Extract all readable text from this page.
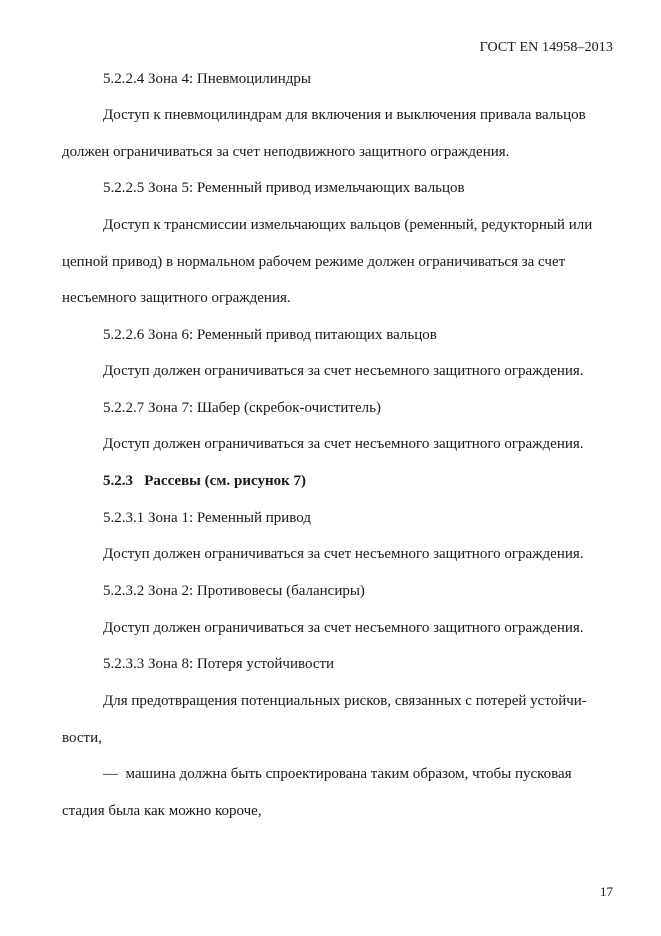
ГОСТ EN 14958–2013
5.2.2.4 Зона 4: Пневмоцилиндры
Доступ к пневмоцилиндрам для включения и выключения привала вальцов
должен ограничиваться за счет неподвижного защитного ограждения.
5.2.2.5 Зона 5: Ременный привод измельчающих вальцов
Доступ к трансмиссии измельчающих вальцов (ременный, редукторный или
цепной привод) в нормальном рабочем режиме должен ограничиваться за счет
несъемного защитного ограждения.
5.2.2.6 Зона 6: Ременный привод питающих вальцов
Доступ должен ограничиваться за счет несъемного защитного ограждения.
5.2.2.7 Зона 7: Шабер (скребок-очиститель)
Доступ должен ограничиваться за счет несъемного защитного ограждения.
5.2.3   Рассевы (см. рисунок 7)
5.2.3.1 Зона 1: Ременный привод
Доступ должен ограничиваться за счет несъемного защитного ограждения.
5.2.3.2 Зона 2: Противовесы (балансиры)
Доступ должен ограничиваться за счет несъемного защитного ограждения.
5.2.3.3 Зона 8: Потеря устойчивости
Для предотвращения потенциальных рисков, связанных с потерей устойчи-
вости,
—  машина должна быть спроектирована таким образом, чтобы пусковая
стадия была как можно короче,
17
